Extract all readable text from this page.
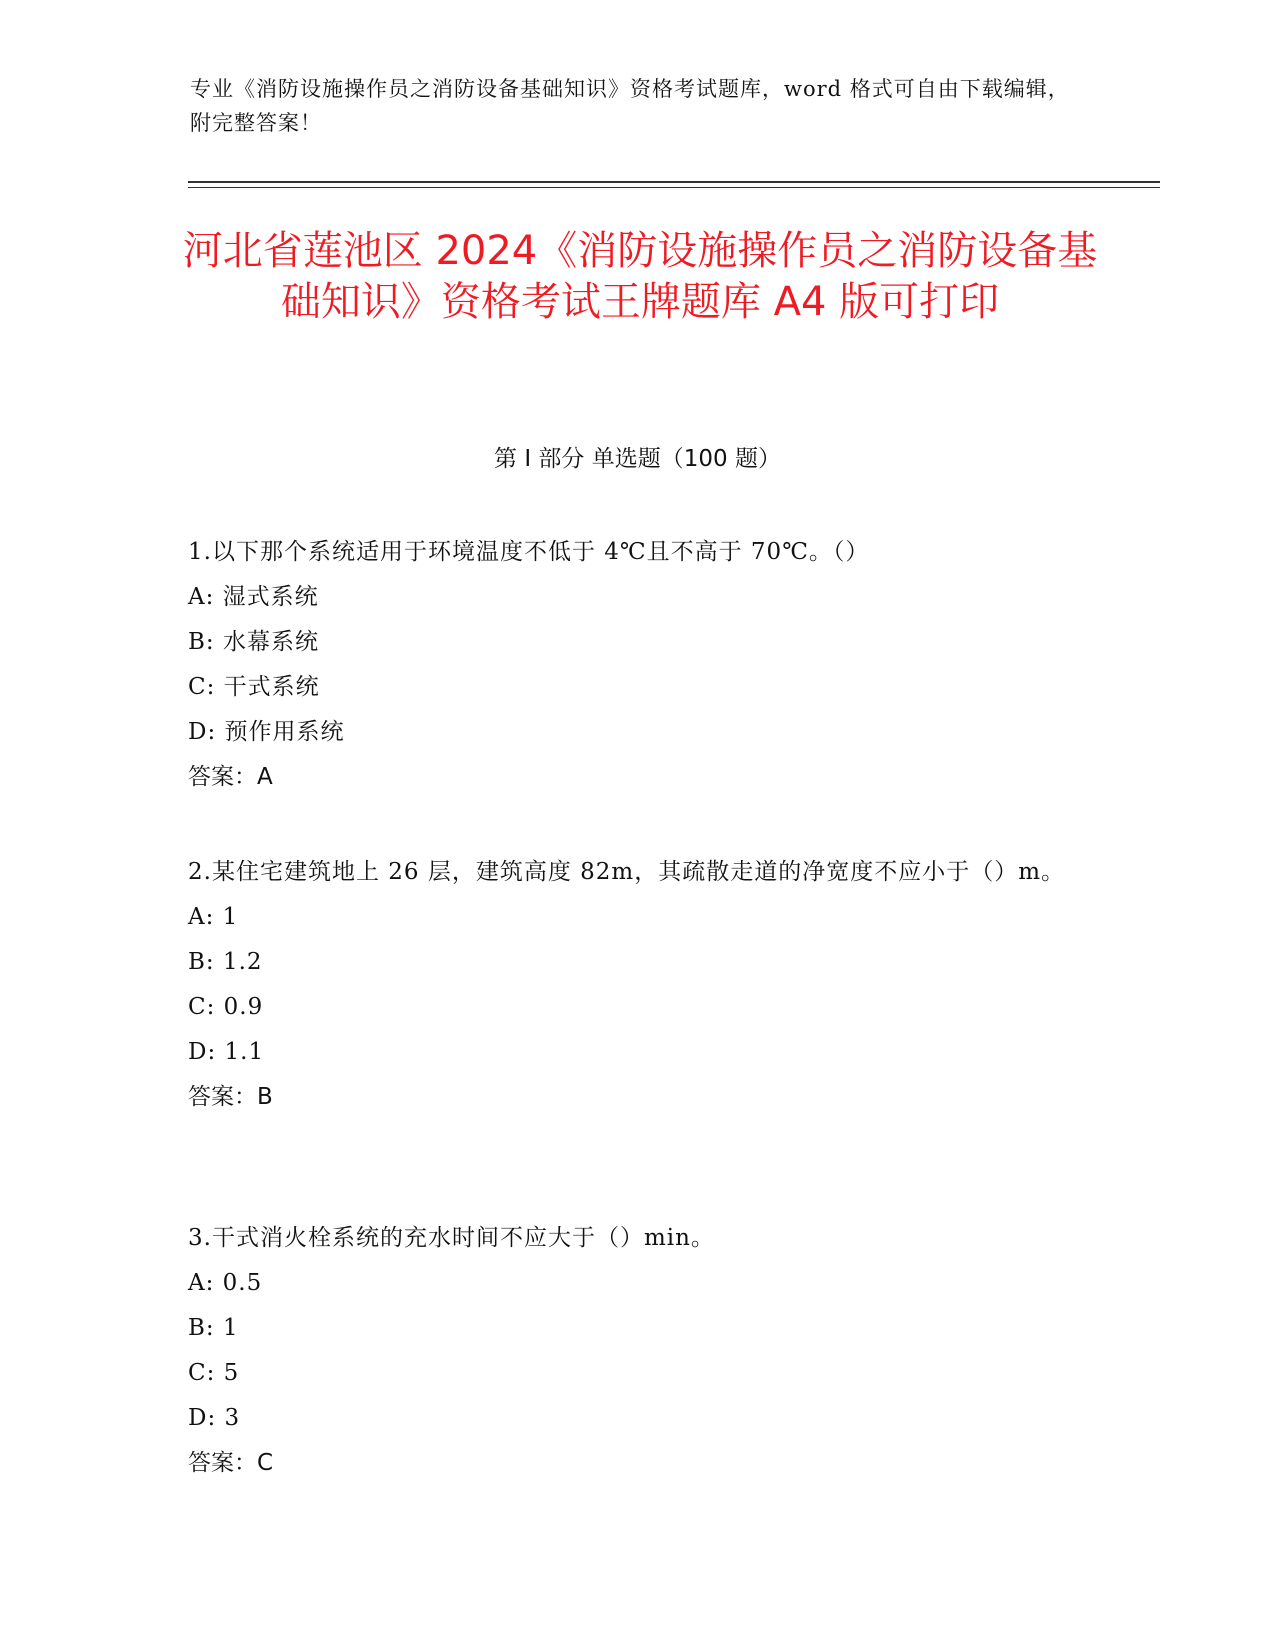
专业《消防设施操作员之消防设备基础知识》资格考试题库，word 格式可自由下载编辑，附完整答案！
河北省莲池区 2024《消防设施操作员之消防设备基础知识》资格考试王牌题库 A4 版可打印
第 I 部分 单选题（100 题）
1.以下那个系统适用于环境温度不低于 4℃且不高于 70℃。（）
A: 湿式系统
B: 水幕系统
C: 干式系统
D: 预作用系统
答案：A
2.某住宅建筑地上 26 层，建筑高度 82m，其疏散走道的净宽度不应小于（）m。
A: 1
B: 1.2
C: 0.9
D: 1.1
答案：B
3.干式消火栓系统的充水时间不应大于（）min。
A: 0.5
B: 1
C: 5
D: 3
答案：C
